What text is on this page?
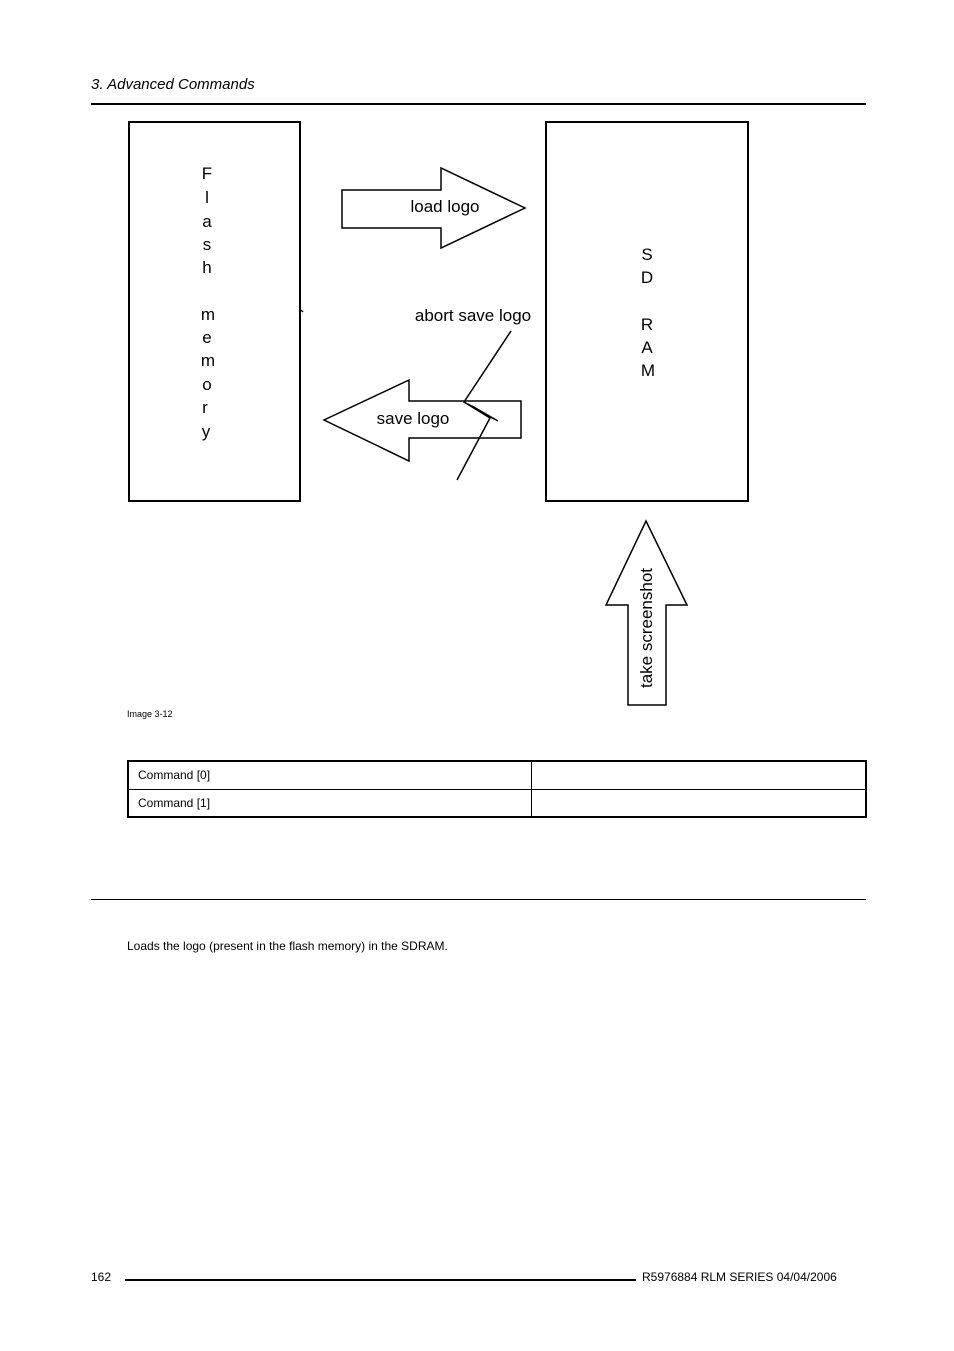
3. Advanced Commands
F
l
a
s
h
m
e
m
o
r
y
S
D
R
A
M
load logo
save logo
abort save logo
take screenshot
Image 3-12
Command [0]	
Command [1]	
Loads the logo (present in the flash memory) in the SDRAM.
162	R5976884 RLM SERIES 04/04/2006
